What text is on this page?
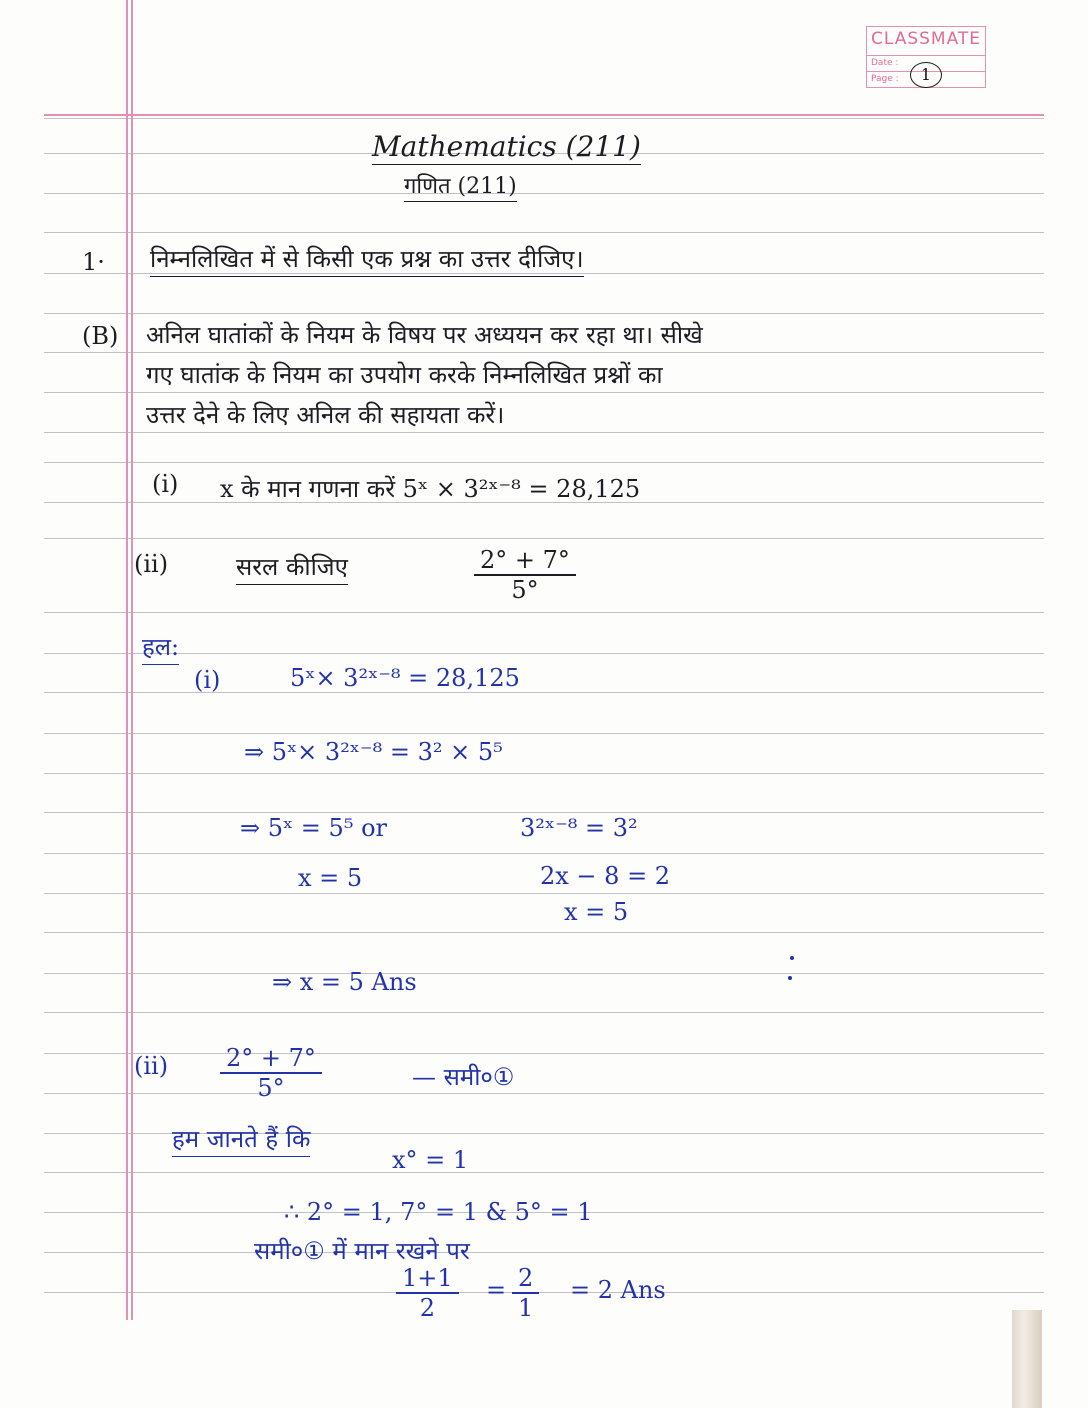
CLASSMATE
Date :
Page :	1
Mathematics (211)
गणित (211)
1· निम्नलिखित में से किसी एक प्रश्न का उत्तर दीजिए।
(B) अनिल घातांकों के नियम के विषय पर अध्ययन कर रहा था। सीखे
गए घातांक के नियम का उपयोग करके निम्नलिखित प्रश्नों का
उत्तर देने के लिए अनिल की सहायता करें।
(i) x के मान गणना करें 5ˣ × 3²ˣ⁻⁸ = 28,125
(ii)	सरल कीजिए	$\frac{2^\circ + 7^\circ}{5^\circ}$
हल:
(i)	5ˣ× 3²ˣ⁻⁸ = 28,125
⇒ 5ˣ× 3²ˣ⁻⁸ = 3² × 5⁵
⇒ 5ˣ = 5⁵ or	3²ˣ⁻⁸ = 3²
x = 5	2x − 8 = 2
x = 5
⇒ x = 5 Ans
$(ii) \frac{2^\circ + 7^\circ}{5^\circ}$	— समी०①
हम जानते हैं कि
x° = 1
∴ 2° = 1, 7° = 1 & 5° = 1
समी०① में मान रखने पर
$\frac{1+1}{2} = \frac{2}{1} = 2$ Ans
